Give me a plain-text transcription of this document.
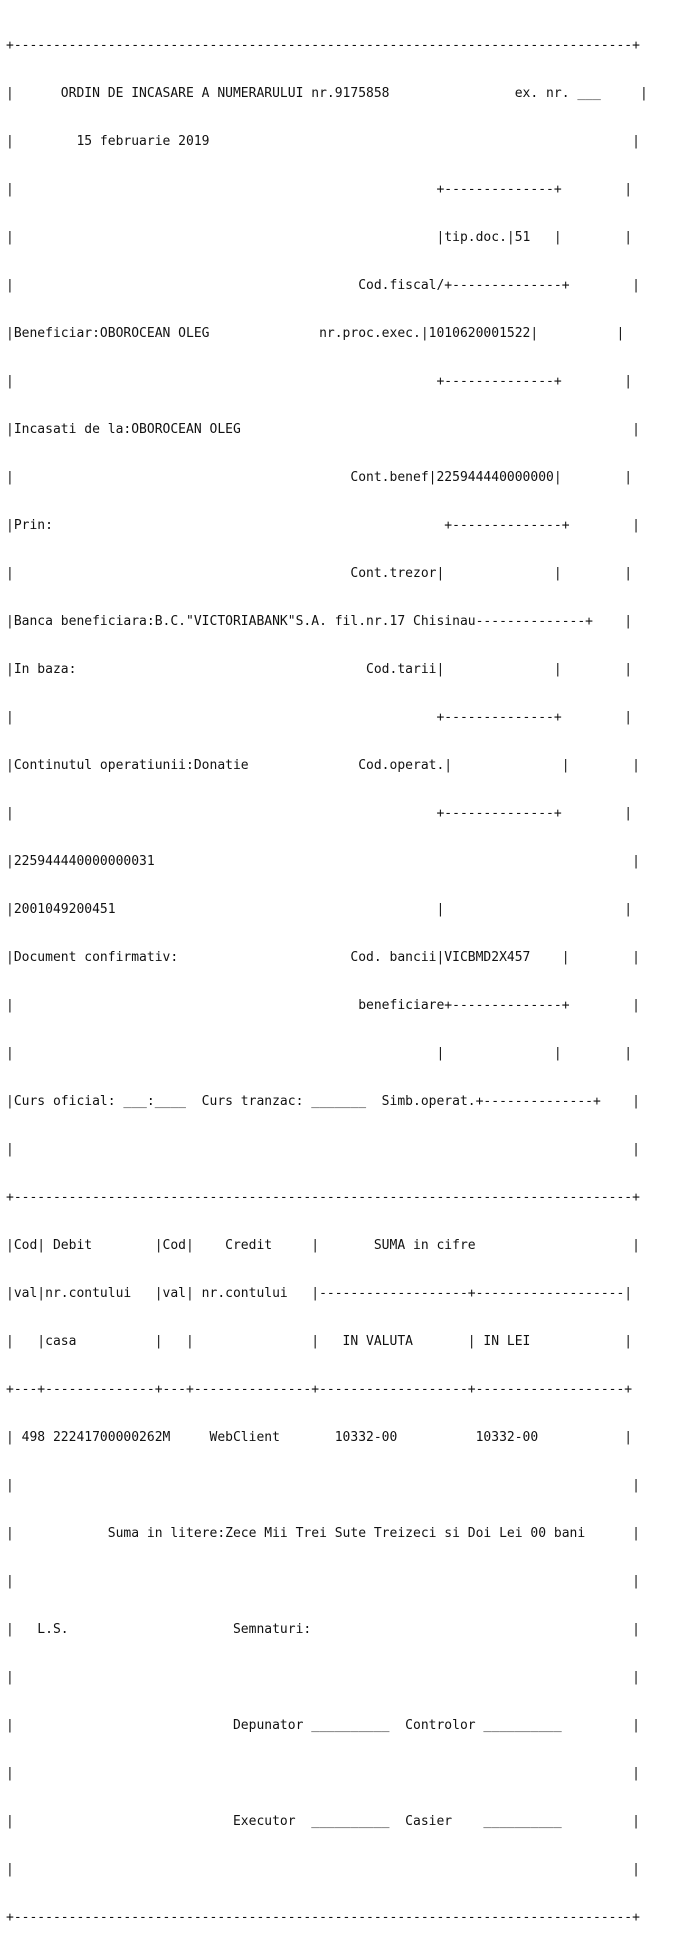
+-------------------------------------------------------------------------------+

|      ORDIN DE INCASARE A NUMERARULUI nr.9175858                ex. nr. ___     |

|        15 februarie 2019                                                      |

|                                                      +--------------+        |

|                                                      |tip.doc.|51   |        |

|                                            Cod.fiscal/+--------------+        |

|Beneficiar:OBOROCEAN OLEG              nr.proc.exec.|1010620001522|          |

|                                                      +--------------+        |

|Incasati de la:OBOROCEAN OLEG                                                  |

|                                           Cont.benef|225944440000000|        |

|Prin:                                                  +--------------+        |

|                                           Cont.trezor|              |        |

|Banca beneficiara:B.C."VICTORIABANK"S.A. fil.nr.17 Chisinau--------------+    |

|In baza:                                     Cod.tarii|              |        |

|                                                      +--------------+        |

|Continutul operatiunii:Donatie              Cod.operat.|              |        |

|                                                      +--------------+        |

|225944440000000031                                                             |

|2001049200451                                         |                       |

|Document confirmativ:                      Cod. bancii|VICBMD2X457    |        |

|                                            beneficiare+--------------+        |

|                                                      |              |        |

|Curs oficial: ___:____  Curs tranzac: _______  Simb.operat.+--------------+    |

|                                                                               |

+-------------------------------------------------------------------------------+

|Cod| Debit        |Cod|    Credit     |       SUMA in cifre                    |

|val|nr.contului   |val| nr.contului   |-------------------+-------------------|

|   |casa          |   |               |   IN VALUTA       | IN LEI            |

+---+--------------+---+---------------+-------------------+-------------------+

| 498 22241700000262M     WebClient       10332-00          10332-00           |

|                                                                               |

|            Suma in litere:Zece Mii Trei Sute Treizeci si Doi Lei 00 bani      |

|                                                                               |

|   L.S.                     Semnaturi:                                         |

|                                                                               |

|                            Depunator __________  Controlor __________         |

|                                                                               |

|                            Executor  __________  Casier    __________         |

|                                                                               |

+-------------------------------------------------------------------------------+
